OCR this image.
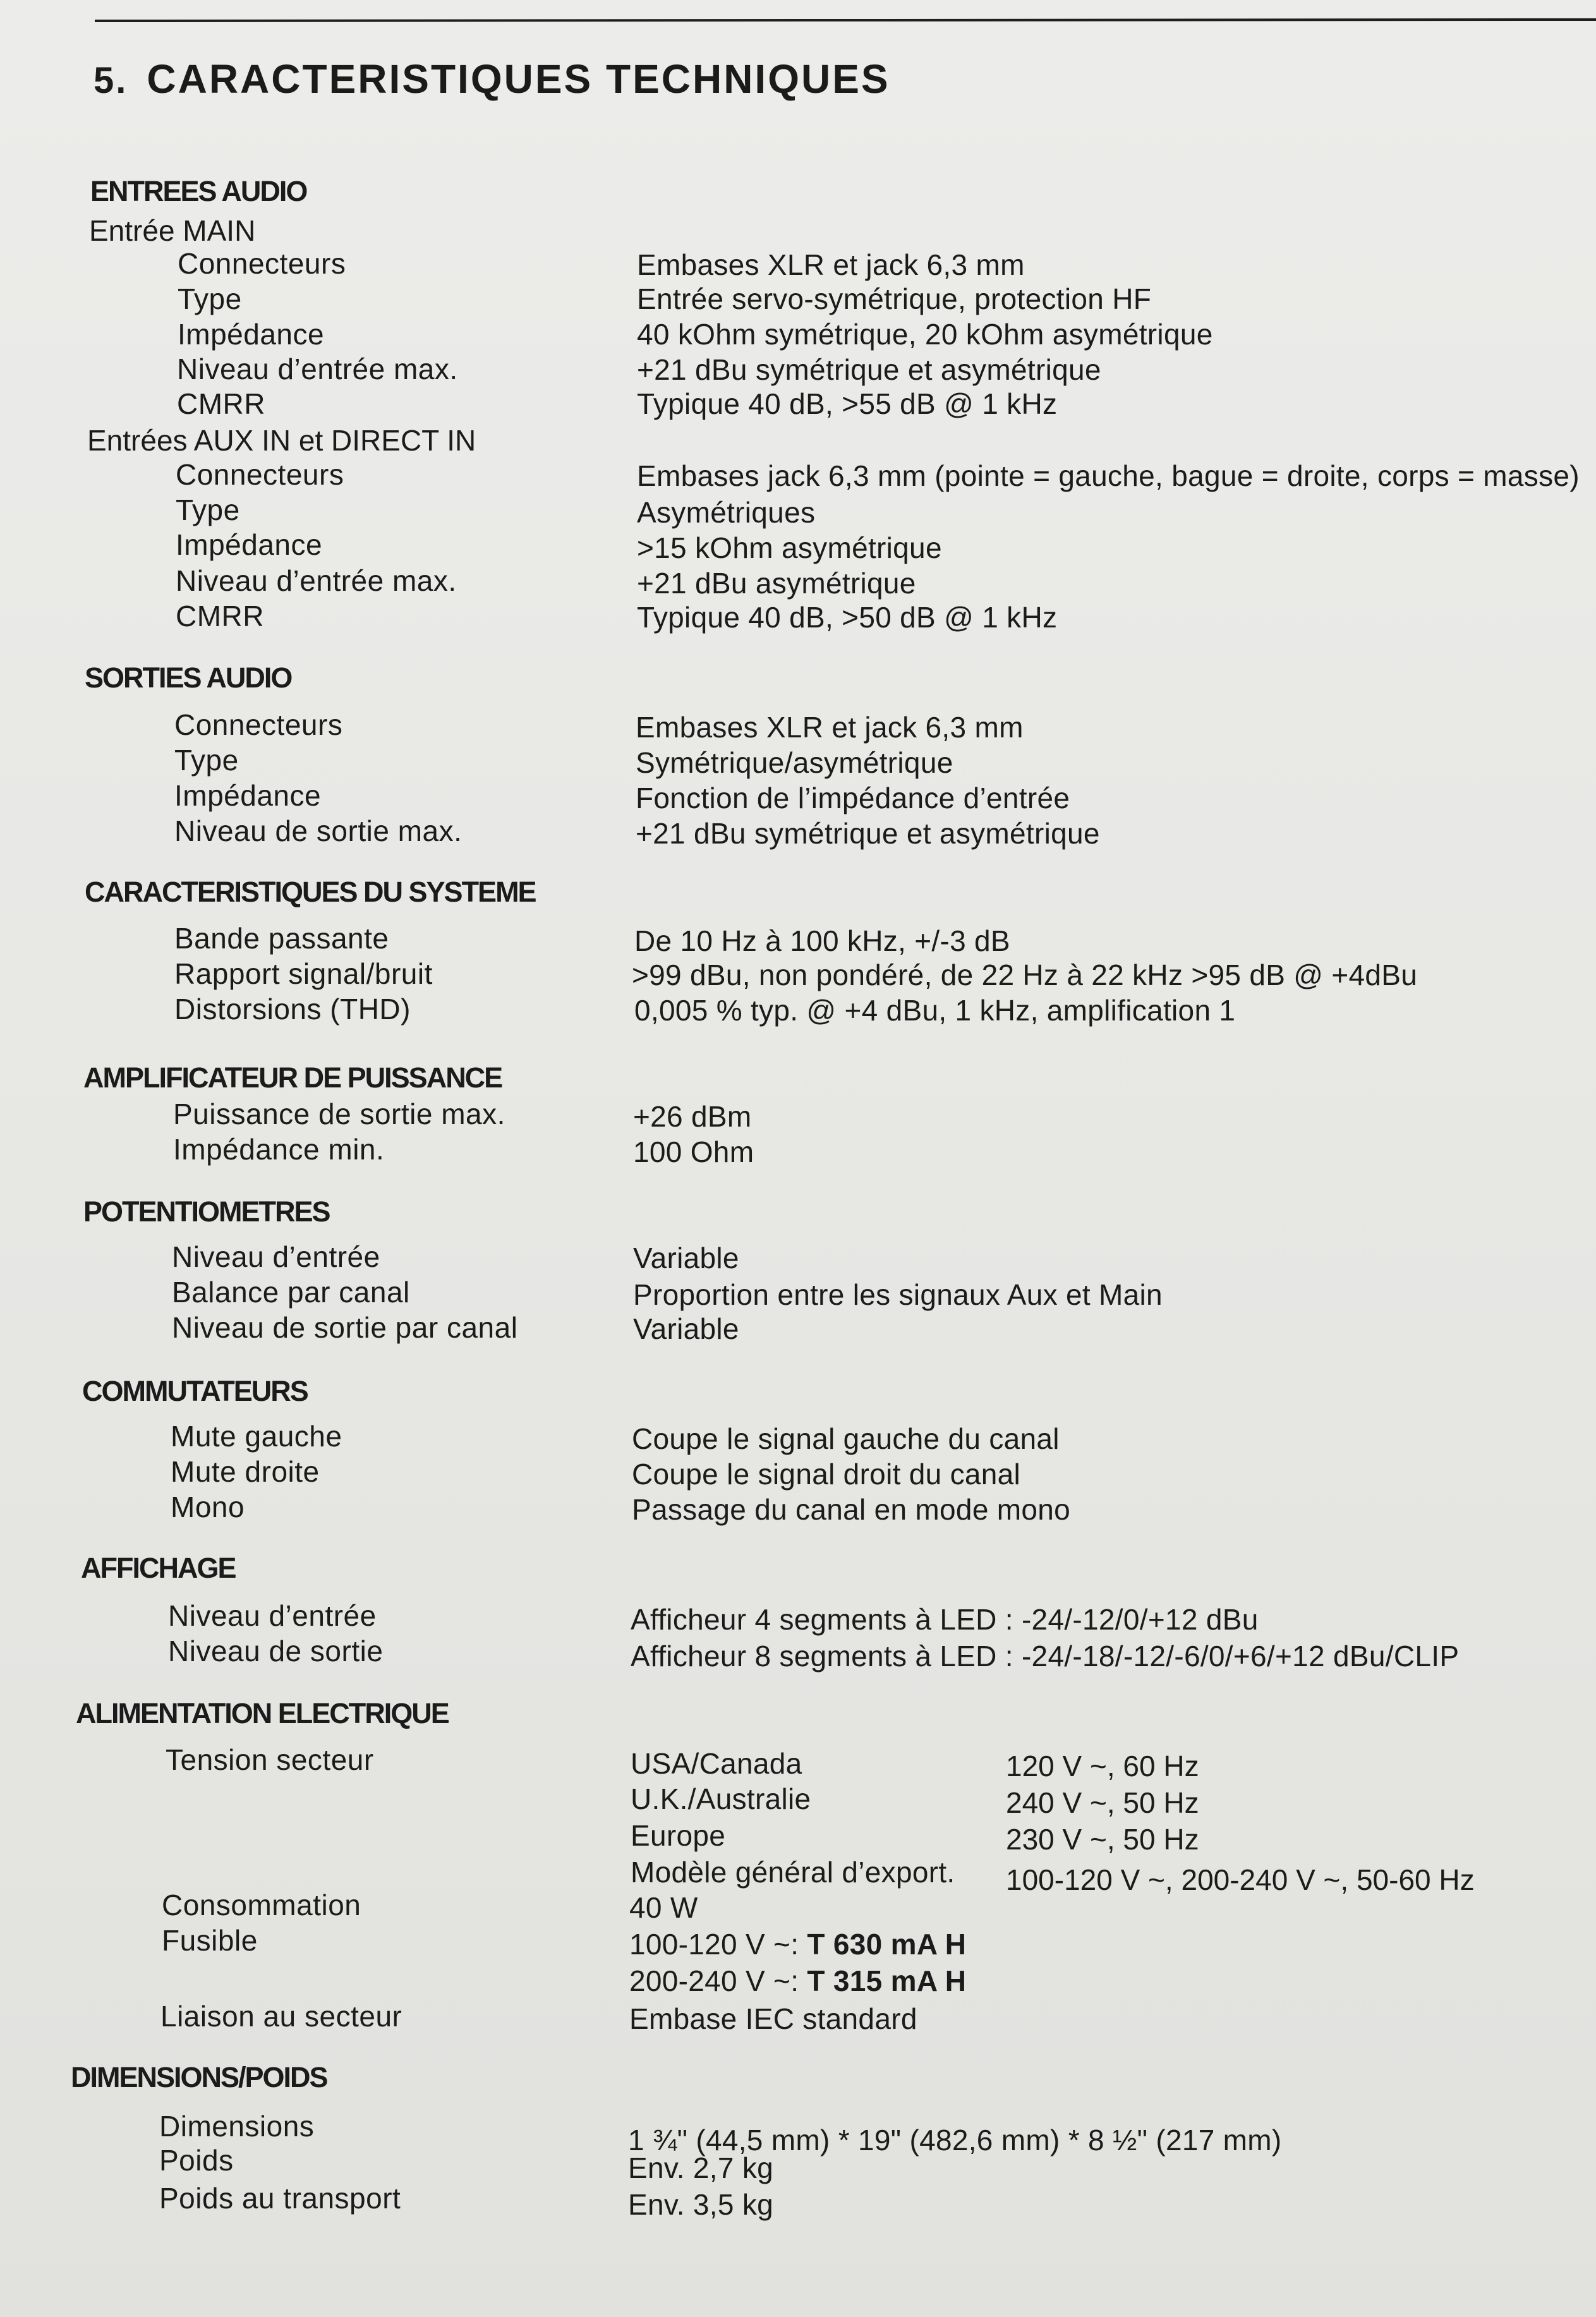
5. CARACTERISTIQUES TECHNIQUES
ENTREES AUDIO
Entrée MAIN
Connecteurs	Embases XLR et jack 6,3 mm
Type	Entrée servo-symétrique, protection HF
Impédance	40 kOhm symétrique, 20 kOhm asymétrique
Niveau d’entrée max.	+21 dBu symétrique et asymétrique
CMRR	Typique 40 dB, >55 dB @ 1 kHz
Entrées AUX IN et DIRECT IN
Connecteurs	Embases jack 6,3 mm (pointe = gauche, bague = droite, corps = masse)
Type	Asymétriques
Impédance	>15 kOhm asymétrique
Niveau d’entrée max.	+21 dBu asymétrique
CMRR	Typique 40 dB, >50 dB @ 1 kHz
SORTIES AUDIO
Connecteurs	Embases XLR et jack 6,3 mm
Type	Symétrique/asymétrique
Impédance	Fonction de l’impédance d’entrée
Niveau de sortie max.	+21 dBu symétrique et asymétrique
CARACTERISTIQUES DU SYSTEME
Bande passante	De 10 Hz à 100 kHz, +/-3 dB
Rapport signal/bruit	>99 dBu, non pondéré, de 22 Hz à 22 kHz >95 dB @ +4dBu
Distorsions (THD)	0,005 % typ. @ +4 dBu, 1 kHz, amplification 1
AMPLIFICATEUR DE PUISSANCE
Puissance de sortie max.	+26 dBm
Impédance min.	100 Ohm
POTENTIOMETRES
Niveau d’entrée	Variable
Balance par canal	Proportion entre les signaux Aux et Main
Niveau de sortie par canal	Variable
COMMUTATEURS
Mute gauche	Coupe le signal gauche du canal
Mute droite	Coupe le signal droit du canal
Mono	Passage du canal en mode mono
AFFICHAGE
Niveau d’entrée	Afficheur 4 segments à LED : -24/-12/0/+12 dBu
Niveau de sortie	Afficheur 8 segments à LED : -24/-18/-12/-6/0/+6/+12 dBu/CLIP
ALIMENTATION ELECTRIQUE
Tension secteur	USA/Canada	120 V ~, 60 Hz
U.K./Australie	240 V ~, 50 Hz
Europe	230 V ~, 50 Hz
Modèle général d’export. 100-120 V ~, 200-240 V ~, 50-60 Hz
Consommation	40 W
Fusible	100-120 V ~: T 630 mA H
200-240 V ~: T 315 mA H
Liaison au secteur	Embase IEC standard
DIMENSIONS/POIDS
Dimensions	1 ¾" (44,5 mm) * 19" (482,6 mm) * 8 ½" (217 mm)
Poids	Env. 2,7 kg
Poids au transport	Env. 3,5 kg
